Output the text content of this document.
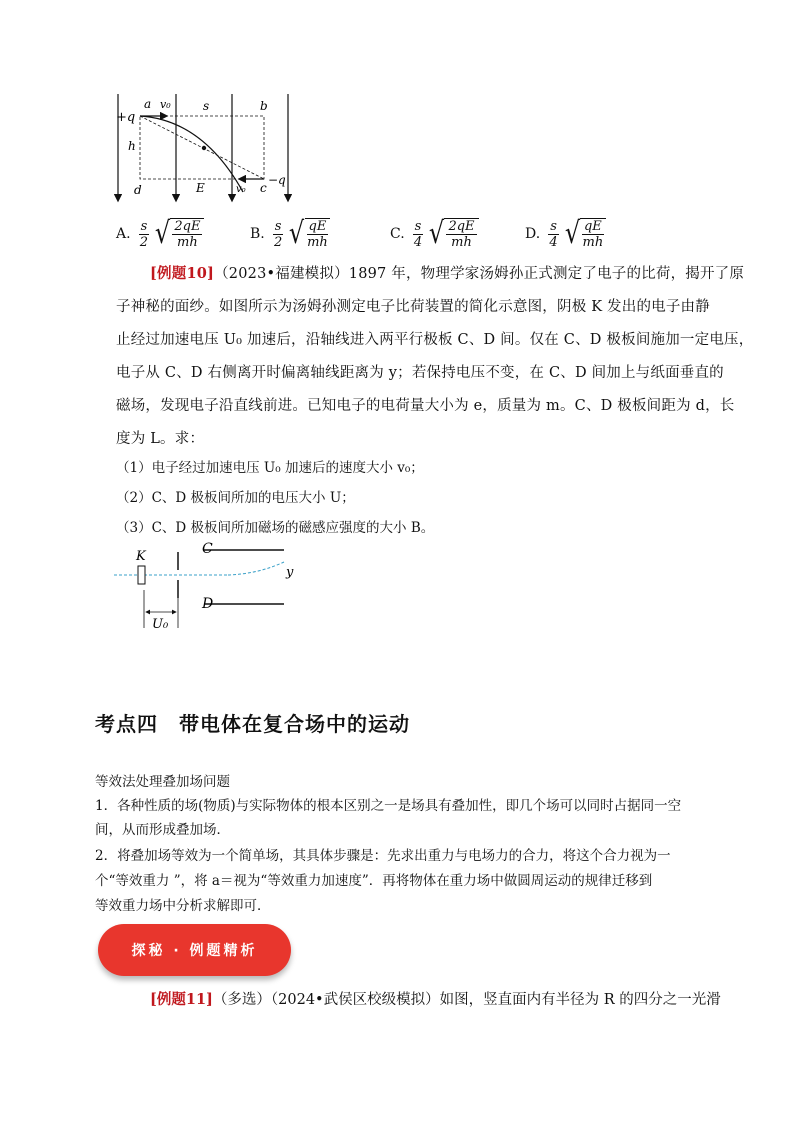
+q
a v₀	s	b
h
d	E	v₀ c
−q
A. $\frac{s}{2}$ √ $\frac{2qE}{mh}$	B. $\frac{s}{2}$ √ $\frac{qE}{mh}$	C. $\frac{s}{4}$ √ $\frac{2qE}{mh}$	D. $\frac{s}{4}$ √ $\frac{qE}{mh}$
[例题10]（2023•福建模拟）1897 年，物理学家汤姆孙正式测定了电子的比荷，揭开了原
子神秘的面纱。如图所示为汤姆孙测定电子比荷装置的简化示意图，阴极 K 发出的电子由静
止经过加速电压 U₀ 加速后，沿轴线进入两平行极板 C、D 间。仅在 C、D 极板间施加一定电压，
电子从 C、D 右侧离开时偏离轴线距离为 y；若保持电压不变，在 C、D 间加上与纸面垂直的
磁场，发现电子沿直线前进。已知电子的电荷量大小为 e，质量为 m。C、D 极板间距为 d，长
度为 L。求：
（1）电子经过加速电压 U₀ 加速后的速度大小 v₀；
（2）C、D 极板间所加的电压大小 U；
（3）C、D 极板间所加磁场的磁感应强度的大小 B。
K	C
D
y
U₀
考点四　带电体在复合场中的运动
等效法处理叠加场问题
1．各种性质的场(物质)与实际物体的根本区别之一是场具有叠加性，即几个场可以同时占据同一空
间，从而形成叠加场．
2．将叠加场等效为一个简单场，其具体步骤是：先求出重力与电场力的合力，将这个合力视为一
个“等效重力 ”，将 a＝视为“等效重力加速度”．再将物体在重力场中做圆周运动的规律迁移到
等效重力场中分析求解即可．
探秘 · 例题精析
[例题11]（多选）（2024•武侯区校级模拟）如图，竖直面内有半径为 R 的四分之一光滑
